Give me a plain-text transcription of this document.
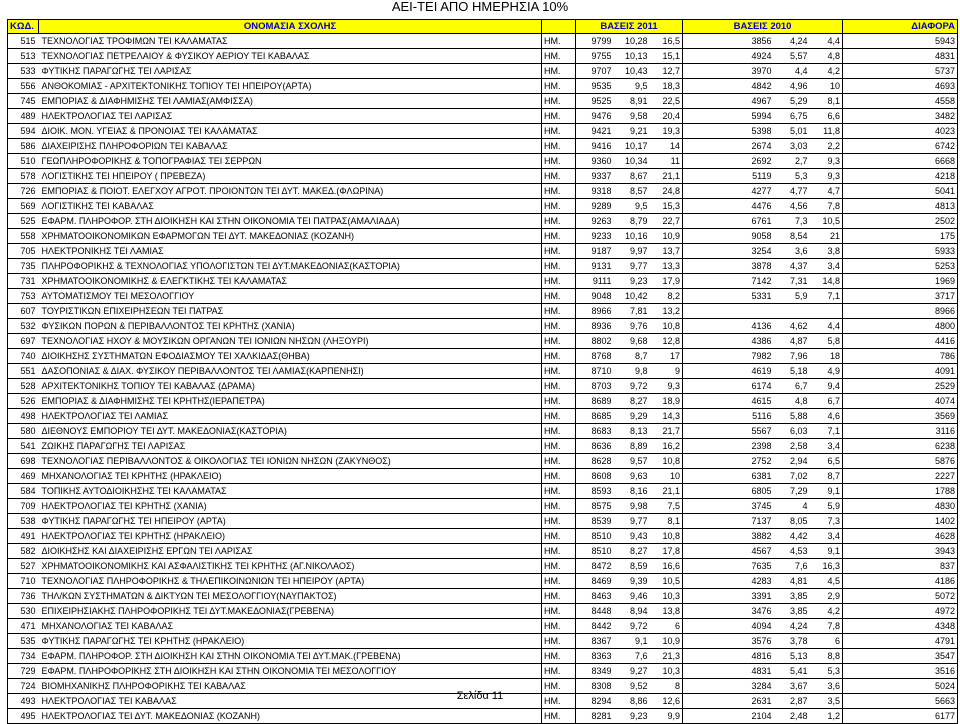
ΑΕΙ-ΤΕΙ ΑΠΟ ΗΜΕΡΗΣΙΑ 10%
ΚΩΔ.	ΟΝΟΜΑΣΙΑ ΣΧΟΛΗΣ		ΒΑΣΕΙΣ 2011			ΒΑΣΕΙΣ 2010			ΔΙΑΦΟΡΑ
515	ΤΕΧΝΟΛΟΓΙΑΣ ΤΡΟΦΙΜΩΝ ΤΕΙ ΚΑΛΑΜΑΤΑΣ	ΗΜ.	9799	10,28	16,5	3856	4,24	4,4	5943
513	ΤΕΧΝΟΛΟΓΙΑΣ ΠΕΤΡΕΛΑΙΟΥ & ΦΥΣΙΚΟΥ ΑΕΡΙΟΥ ΤΕΙ ΚΑΒΑΛΑΣ	ΗΜ.	9755	10,13	15,1	4924	5,57	4,8	4831
533	ΦΥΤΙΚΗΣ ΠΑΡΑΓΩΓΗΣ ΤΕΙ ΛΑΡΙΣΑΣ	ΗΜ.	9707	10,43	12,7	3970	4,4	4,2	5737
556	ΑΝΘΟΚΟΜΙΑΣ - ΑΡΧΙΤΕΚΤΟΝΙΚΗΣ ΤΟΠΙΟΥ ΤΕΙ ΗΠΕΙΡΟΥ(ΑΡΤΑ)	ΗΜ.	9535	9,5	18,3	4842	4,96	10	4693
745	ΕΜΠΟΡΙΑΣ & ΔΙΑΦΗΜΙΣΗΣ ΤΕΙ ΛΑΜΙΑΣ(ΑΜΦΙΣΣΑ)	ΗΜ.	9525	8,91	22,5	4967	5,29	8,1	4558
489	ΗΛΕΚΤΡΟΛΟΓΙΑΣ ΤΕΙ ΛΑΡΙΣΑΣ	ΗΜ.	9476	9,58	20,4	5994	6,75	6,6	3482
594	ΔΙΟΙΚ. ΜΟΝ. ΥΓΕΙΑΣ & ΠΡΟΝΟΙΑΣ ΤΕΙ ΚΑΛΑΜΑΤΑΣ	ΗΜ.	9421	9,21	19,3	5398	5,01	11,8	4023
586	ΔΙΑΧΕΙΡΙΣΗΣ ΠΛΗΡΟΦΟΡΙΩΝ ΤΕΙ ΚΑΒΑΛΑΣ	ΗΜ.	9416	10,17	14	2674	3,03	2,2	6742
510	ΓΕΩΠΛΗΡΟΦΟΡΙΚΗΣ & ΤΟΠΟΓΡΑΦΙΑΣ ΤΕΙ ΣΕΡΡΩΝ	ΗΜ.	9360	10,34	11	2692	2,7	9,3	6668
578	ΛΟΓΙΣΤΙΚΗΣ ΤΕΙ ΗΠΕΙΡΟΥ ( ΠΡΕΒΕΖΑ)	ΗΜ.	9337	8,67	21,1	5119	5,3	9,3	4218
726	ΕΜΠΟΡΙΑΣ & ΠΟΙΟΤ. ΕΛΕΓΧΟΥ ΑΓΡΟΤ. ΠΡΟΙΟΝΤΩΝ ΤΕΙ ΔΥΤ. ΜΑΚΕΔ.(ΦΛΩΡΙΝΑ)	ΗΜ.	9318	8,57	24,8	4277	4,77	4,7	5041
569	ΛΟΓΙΣΤΙΚΗΣ ΤΕΙ ΚΑΒΑΛΑΣ	ΗΜ.	9289	9,5	15,3	4476	4,56	7,8	4813
525	ΕΦΑΡΜ. ΠΛΗΡΟΦΟΡ. ΣΤΗ ΔΙΟΙΚΗΣΗ ΚΑΙ ΣΤΗΝ ΟΙΚΟΝΟΜΙΑ ΤΕΙ ΠΑΤΡΑΣ(ΑΜΑΛΙΑΔΑ)	ΗΜ.	9263	8,79	22,7	6761	7,3	10,5	2502
558	ΧΡΗΜΑΤΟΟΙΚΟΝΟΜΙΚΩΝ ΕΦΑΡΜΟΓΩΝ ΤΕΙ ΔΥΤ. ΜΑΚΕΔΟΝΙΑΣ (ΚΟΖΑΝΗ)	ΗΜ.	9233	10,16	10,9	9058	8,54	21	175
705	ΗΛΕΚΤΡΟΝΙΚΗΣ ΤΕΙ ΛΑΜΙΑΣ	ΗΜ.	9187	9,97	13,7	3254	3,6	3,8	5933
735	ΠΛΗΡΟΦΟΡΙΚΗΣ & ΤΕΧΝΟΛΟΓΙΑΣ ΥΠΟΛΟΓΙΣΤΩΝ ΤΕΙ ΔΥΤ.ΜΑΚΕΔΟΝΙΑΣ(ΚΑΣΤΟΡΙΑ)	ΗΜ.	9131	9,77	13,3	3878	4,37	3,4	5253
731	ΧΡΗΜΑΤΟΟΙΚΟΝΟΜΙΚΗΣ & ΕΛΕΓΚΤΙΚΗΣ ΤΕΙ ΚΑΛΑΜΑΤΑΣ	ΗΜ.	9111	9,23	17,9	7142	7,31	14,8	1969
753	ΑΥΤΟΜΑΤΙΣΜΟΥ ΤΕΙ ΜΕΣΟΛΟΓΓΙΟΥ	ΗΜ.	9048	10,42	8,2	5331	5,9	7,1	3717
607	ΤΟΥΡΙΣΤΙΚΩΝ ΕΠΙΧΕΙΡΗΣΕΩΝ ΤΕΙ ΠΑΤΡΑΣ	ΗΜ.	8966	7,81	13,2				8966
532	ΦΥΣΙΚΩΝ ΠΟΡΩΝ & ΠΕΡΙΒΑΛΛΟΝΤΟΣ ΤΕΙ ΚΡΗΤΗΣ (ΧΑΝΙΑ)	ΗΜ.	8936	9,76	10,8	4136	4,62	4,4	4800
697	ΤΕΧΝΟΛΟΓΙΑΣ ΗΧΟΥ & ΜΟΥΣΙΚΩΝ ΟΡΓΑΝΩΝ ΤΕΙ ΙΟΝΙΩΝ ΝΗΣΩΝ (ΛΗΞΟΥΡΙ)	ΗΜ.	8802	9,68	12,8	4386	4,87	5,8	4416
740	ΔΙΟΙΚΗΣΗΣ ΣΥΣΤΗΜΑΤΩΝ ΕΦΟΔΙΑΣΜΟΥ ΤΕΙ ΧΑΛΚΙΔΑΣ(ΘΗΒΑ)	ΗΜ.	8768	8,7	17	7982	7,96	18	786
551	ΔΑΣΟΠΟΝΙΑΣ & ΔΙΑΧ. ΦΥΣΙΚΟΥ ΠΕΡΙΒΑΛΛΟΝΤΟΣ ΤΕΙ ΛΑΜΙΑΣ(ΚΑΡΠΕΝΗΣΙ)	ΗΜ.	8710	9,8	9	4619	5,18	4,9	4091
528	ΑΡΧΙΤΕΚΤΟΝΙΚΗΣ ΤΟΠΙΟΥ ΤΕΙ ΚΑΒΑΛΑΣ (ΔΡΑΜΑ)	ΗΜ.	8703	9,72	9,3	6174	6,7	9,4	2529
526	ΕΜΠΟΡΙΑΣ & ΔΙΑΦΗΜΙΣΗΣ ΤΕΙ ΚΡΗΤΗΣ(ΙΕΡΑΠΕΤΡΑ)	ΗΜ.	8689	8,27	18,9	4615	4,8	6,7	4074
498	ΗΛΕΚΤΡΟΛΟΓΙΑΣ ΤΕΙ ΛΑΜΙΑΣ	ΗΜ.	8685	9,29	14,3	5116	5,88	4,6	3569
580	ΔΙΕΘΝΟΥΣ ΕΜΠΟΡΙΟΥ ΤΕΙ ΔΥΤ. ΜΑΚΕΔΟΝΙΑΣ(ΚΑΣΤΟΡΙΑ)	ΗΜ.	8683	8,13	21,7	5567	6,03	7,1	3116
541	ΖΩΙΚΗΣ ΠΑΡΑΓΩΓΗΣ ΤΕΙ ΛΑΡΙΣΑΣ	ΗΜ.	8636	8,89	16,2	2398	2,58	3,4	6238
698	ΤΕΧΝΟΛΟΓΙΑΣ ΠΕΡΙΒΑΛΛΟΝΤΟΣ & ΟΙΚΟΛΟΓΙΑΣ ΤΕΙ ΙΟΝΙΩΝ ΝΗΣΩΝ (ΖΑΚΥΝΘΟΣ)	ΗΜ.	8628	9,57	10,8	2752	2,94	6,5	5876
469	ΜΗΧΑΝΟΛΟΓΙΑΣ ΤΕΙ ΚΡΗΤΗΣ (ΗΡΑΚΛΕΙΟ)	ΗΜ.	8608	9,63	10	6381	7,02	8,7	2227
584	ΤΟΠΙΚΗΣ ΑΥΤΟΔΙΟΙΚΗΣΗΣ ΤΕΙ ΚΑΛΑΜΑΤΑΣ	ΗΜ.	8593	8,16	21,1	6805	7,29	9,1	1788
709	ΗΛΕΚΤΡΟΛΟΓΙΑΣ ΤΕΙ ΚΡΗΤΗΣ (ΧΑΝΙΑ)	ΗΜ.	8575	9,98	7,5	3745	4	5,9	4830
538	ΦΥΤΙΚΗΣ ΠΑΡΑΓΩΓΗΣ ΤΕΙ ΗΠΕΙΡΟΥ (ΑΡΤΑ)	ΗΜ.	8539	9,77	8,1	7137	8,05	7,3	1402
491	ΗΛΕΚΤΡΟΛΟΓΙΑΣ ΤΕΙ ΚΡΗΤΗΣ (ΗΡΑΚΛΕΙΟ)	ΗΜ.	8510	9,43	10,8	3882	4,42	3,4	4628
582	ΔΙΟΙΚΗΣΗΣ ΚΑΙ ΔΙΑΧΕΙΡΙΣΗΣ ΕΡΓΩΝ ΤΕΙ ΛΑΡΙΣΑΣ	ΗΜ.	8510	8,27	17,8	4567	4,53	9,1	3943
527	ΧΡΗΜΑΤΟΟΙΚΟΝΟΜΙΚΗΣ ΚΑΙ ΑΣΦΑΛΙΣΤΙΚΗΣ ΤΕΙ ΚΡΗΤΗΣ (ΑΓ.ΝΙΚΟΛΑΟΣ)	ΗΜ.	8472	8,59	16,6	7635	7,6	16,3	837
710	ΤΕΧΝΟΛΟΓΙΑΣ ΠΛΗΡΟΦΟΡΙΚΗΣ & ΤΗΛΕΠΙΚΟΙΝΩΝΙΩΝ ΤΕΙ ΗΠΕΙΡΟΥ (ΑΡΤΑ)	ΗΜ.	8469	9,39	10,5	4283	4,81	4,5	4186
736	ΤΗΛ/ΚΩΝ ΣΥΣΤΗΜΑΤΩΝ & ΔΙΚΤΥΩΝ ΤΕΙ ΜΕΣΟΛΟΓΓΙΟΥ(ΝΑΥΠΑΚΤΟΣ)	ΗΜ.	8463	9,46	10,3	3391	3,85	2,9	5072
530	ΕΠΙΧΕΙΡΗΣΙΑΚΗΣ ΠΛΗΡΟΦΟΡΙΚΗΣ ΤΕΙ ΔΥΤ.ΜΑΚΕΔΟΝΙΑΣ(ΓΡΕΒΕΝΑ)	ΗΜ.	8448	8,94	13,8	3476	3,85	4,2	4972
471	ΜΗΧΑΝΟΛΟΓΙΑΣ ΤΕΙ ΚΑΒΑΛΑΣ	ΗΜ.	8442	9,72	6	4094	4,24	7,8	4348
535	ΦΥΤΙΚΗΣ ΠΑΡΑΓΩΓΗΣ ΤΕΙ ΚΡΗΤΗΣ (ΗΡΑΚΛΕΙΟ)	ΗΜ.	8367	9,1	10,9	3576	3,78	6	4791
734	ΕΦΑΡΜ. ΠΛΗΡΟΦΟΡ. ΣΤΗ ΔΙΟΙΚΗΣΗ ΚΑΙ ΣΤΗΝ ΟΙΚΟΝΟΜΙΑ ΤΕΙ ΔΥΤ.ΜΑΚ.(ΓΡΕΒΕΝΑ)	ΗΜ.	8363	7,6	21,3	4816	5,13	8,8	3547
729	ΕΦΑΡΜ. ΠΛΗΡΟΦΟΡΙΚΗΣ ΣΤΗ ΔΙΟΙΚΗΣΗ ΚΑΙ ΣΤΗΝ ΟΙΚΟΝΟΜΙΑ ΤΕΙ ΜΕΣΟΛΟΓΓΙΟΥ	ΗΜ.	8349	9,27	10,3	4831	5,41	5,3	3516
724	ΒΙΟΜΗΧΑΝΙΚΗΣ ΠΛΗΡΟΦΟΡΙΚΗΣ ΤΕΙ ΚΑΒΑΛΑΣ	ΗΜ.	8308	9,52	8	3284	3,67	3,6	5024
493	ΗΛΕΚΤΡΟΛΟΓΙΑΣ ΤΕΙ ΚΑΒΑΛΑΣ	ΗΜ.	8294	8,86	12,6	2631	2,87	3,5	5663
495	ΗΛΕΚΤΡΟΛΟΓΙΑΣ ΤΕΙ ΔΥΤ. ΜΑΚΕΔΟΝΙΑΣ (ΚΟΖΑΝΗ)	ΗΜ.	8281	9,23	9,9	2104	2,48	1,2	6177
Σελίδα 11
